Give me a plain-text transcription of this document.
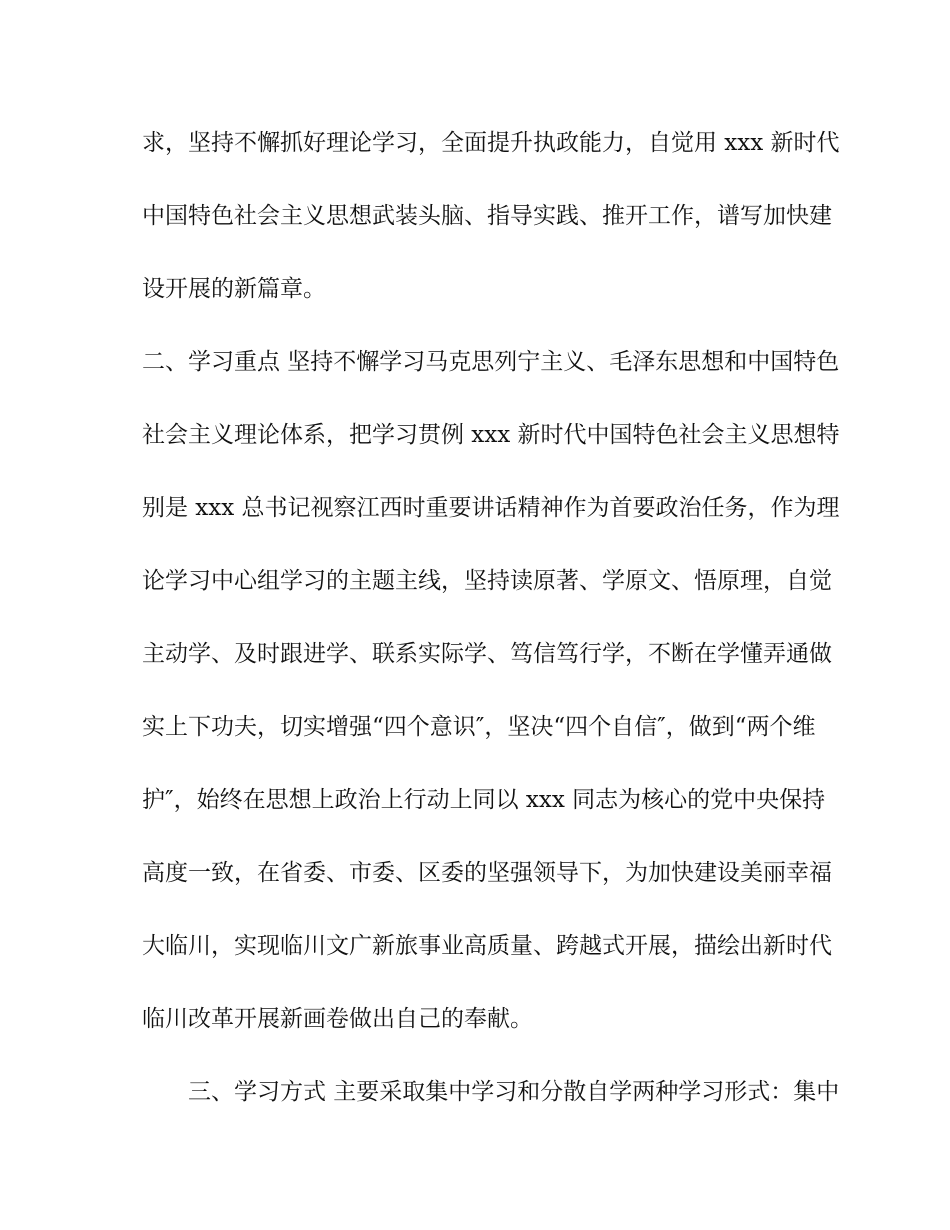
求，坚持不懈抓好理论学习，全面提升执政能力，自觉用 xxx 新时代
中国特色社会主义思想武装头脑、指导实践、推开工作，谱写加快建
设开展的新篇章。
二、学习重点 坚持不懈学习马克思列宁主义、毛泽东思想和中国特色
社会主义理论体系，把学习贯例 xxx 新时代中国特色社会主义思想特
别是 xxx 总书记视察江西时重要讲话精神作为首要政治任务，作为理
论学习中心组学习的主题主线，坚持读原著、学原文、悟原理，自觉
主动学、及时跟进学、联系实际学、笃信笃行学，不断在学懂弄通做
实上下功夫，切实增强“四个意识″，坚决“四个自信″，做到“两个维
护″，始终在思想上政治上行动上同以 xxx 同志为核心的党中央保持
高度一致，在省委、市委、区委的坚强领导下，为加快建设美丽幸福
大临川，实现临川文广新旅事业高质量、跨越式开展，描绘出新时代
临川改革开展新画卷做出自己的奉献。
三、学习方式 主要采取集中学习和分散自学两种学习形式：集中
